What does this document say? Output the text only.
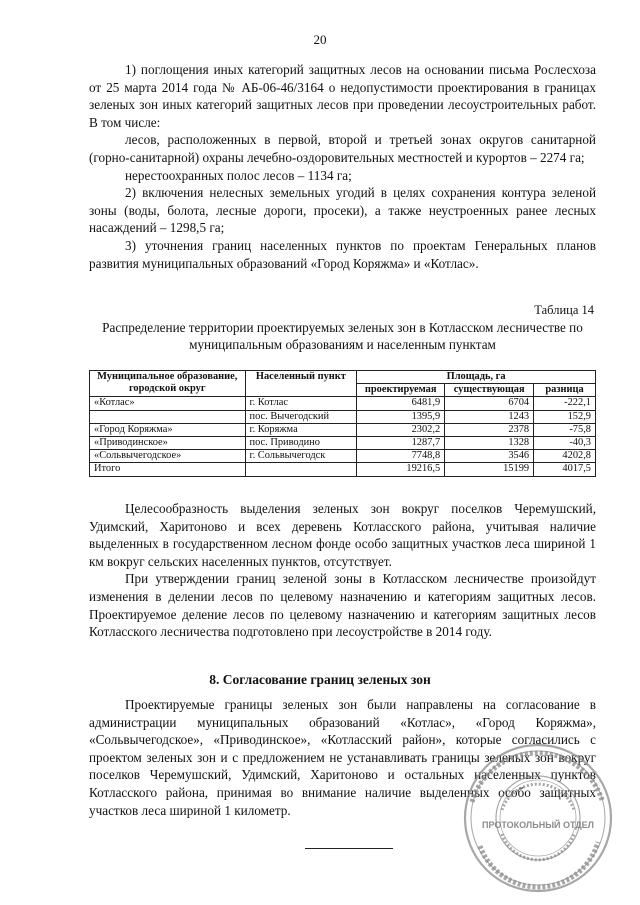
20

1) поглощения иных категорий защитных лесов на основании письма Рослесхоза от 25 марта 2014 года № АБ-06-46/3164 о недопустимости проектирования в границах зеленых зон иных категорий защитных лесов при проведении лесоустроительных работ. В том числе:

лесов, расположенных в первой, второй и третьей зонах округов санитарной (горно-санитарной) охраны лечебно-оздоровительных местностей и курортов – 2274 га;

нерестоохранных полос лесов – 1134 га;

2) включения нелесных земельных угодий в целях сохранения контура зеленой зоны (воды, болота, лесные дороги, просеки), а также неустроенных ранее лесных насаждений – 1298,5 га;

3) уточнения границ населенных пунктов по проектам Генеральных планов развития муниципальных образований «Город Коряжма» и «Котлас».

Таблица 14
Распределение территории проектируемых зеленых зон в Котласском лесничестве по муниципальным образованиям и населенным пунктам
Муниципальное образование, городской округ	Населенный пункт	Площадь, га		
		проектируемая	существующая	разница
«Котлас»	г. Котлас	6481,9	6704	-222,1
	пос. Вычегодский	1395,9	1243	152,9
«Город Коряжма»	г. Коряжма	2302,2	2378	-75,8
«Приводинское»	пос. Приводино	1287,7	1328	-40,3
«Сольвычегодское»	г. Сольвычегодск	7748,8	3546	4202,8
Итого		19216,5	15199	4017,5

Целесообразность выделения зеленых зон вокруг поселков Черемушский, Удимский, Харитоново и всех деревень Котласского района, учитывая наличие выделенных в государственном лесном фонде особо защитных участков леса шириной 1 км вокруг сельских населенных пунктов, отсутствует.

При утверждении границ зеленой зоны в Котласском лесничестве произойдут изменения в делении лесов по целевому назначению и категориям защитных лесов. Проектируемое деление лесов по целевому назначению и категориям защитных лесов Котласского лесничества подготовлено при лесоустройстве в 2014 году.

8. Согласование границ зеленых зон

Проектируемые границы зеленых зон были направлены на согласование в администрации муниципальных образований «Котлас», «Город Коряжма», «Сольвычегодское», «Приводинское», «Котласский район», которые согласились с проектом зеленых зон и с предложением не устанавливать границы зеленых зон вокруг поселков Черемушский, Удимский, Харитоново и остальных населенных пунктов Котласского района, принимая во внимание наличие выделенных особо защитных участков леса шириной 1 километр.

ПРОТОКОЛЬНЫЙ ОТДЕЛ
